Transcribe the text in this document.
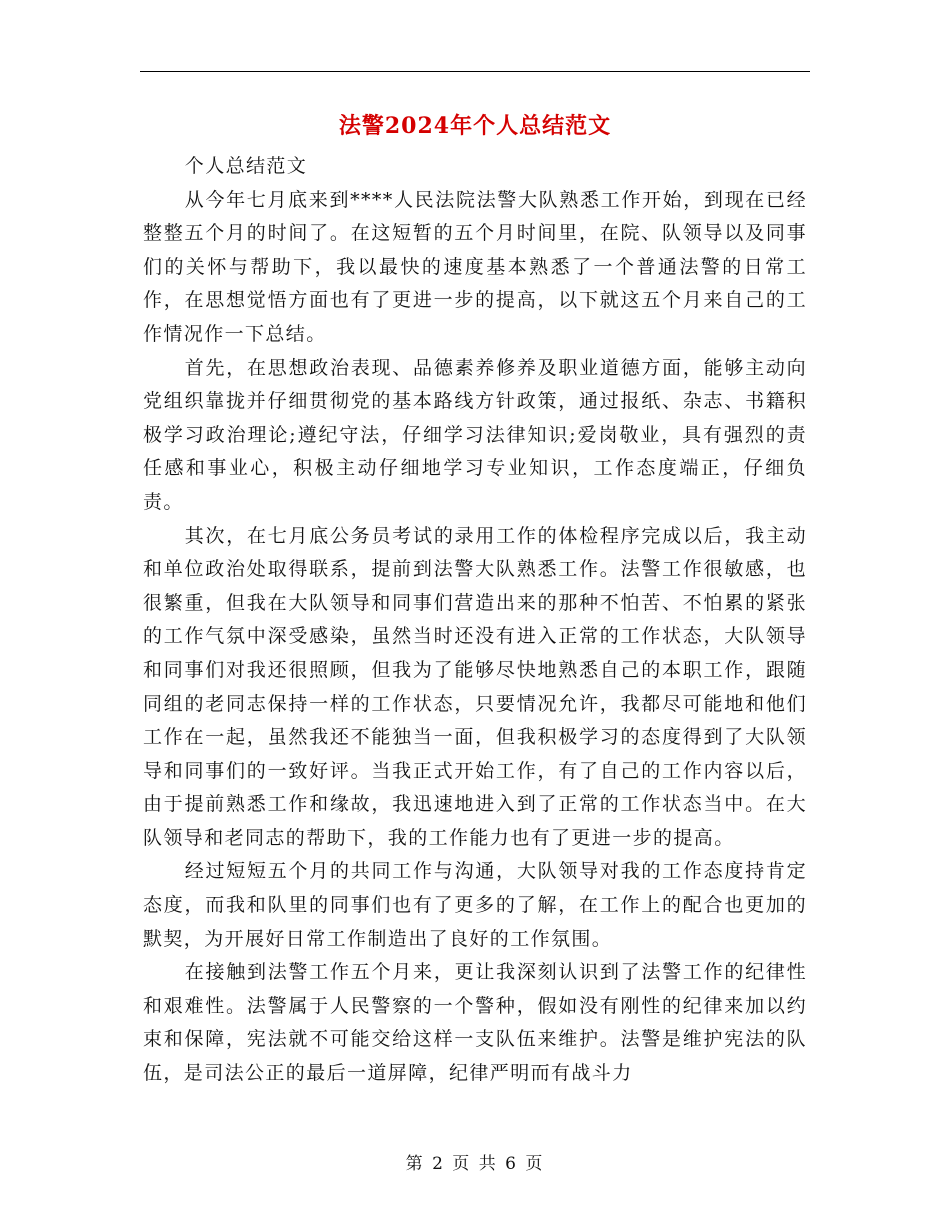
法警2024年个人总结范文

个人总结范文

从今年七月底来到****人民法院法警大队熟悉工作开始，到现在已经整整五个月的时间了。在这短暂的五个月时间里，在院、队领导以及同事们的关怀与帮助下，我以最快的速度基本熟悉了一个普通法警的日常工作，在思想觉悟方面也有了更进一步的提高，以下就这五个月来自己的工作情况作一下总结。

首先，在思想政治表现、品德素养修养及职业道德方面，能够主动向党组织靠拢并仔细贯彻党的基本路线方针政策，通过报纸、杂志、书籍积极学习政治理论;遵纪守法，仔细学习法律知识;爱岗敬业，具有强烈的责任感和事业心，积极主动仔细地学习专业知识，工作态度端正，仔细负责。

其次，在七月底公务员考试的录用工作的体检程序完成以后，我主动和单位政治处取得联系，提前到法警大队熟悉工作。法警工作很敏感，也很繁重，但我在大队领导和同事们营造出来的那种不怕苦、不怕累的紧张的工作气氛中深受感染，虽然当时还没有进入正常的工作状态，大队领导和同事们对我还很照顾，但我为了能够尽快地熟悉自己的本职工作，跟随同组的老同志保持一样的工作状态，只要情况允许，我都尽可能地和他们工作在一起，虽然我还不能独当一面，但我积极学习的态度得到了大队领导和同事们的一致好评。当我正式开始工作，有了自己的工作内容以后，由于提前熟悉工作和缘故，我迅速地进入到了正常的工作状态当中。在大队领导和老同志的帮助下，我的工作能力也有了更进一步的提高。

经过短短五个月的共同工作与沟通，大队领导对我的工作态度持肯定态度，而我和队里的同事们也有了更多的了解，在工作上的配合也更加的默契，为开展好日常工作制造出了良好的工作氛围。

在接触到法警工作五个月来，更让我深刻认识到了法警工作的纪律性和艰难性。法警属于人民警察的一个警种，假如没有刚性的纪律来加以约束和保障，宪法就不可能交给这样一支队伍来维护。法警是维护宪法的队伍，是司法公正的最后一道屏障，纪律严明而有战斗力

第 2 页 共 6 页
